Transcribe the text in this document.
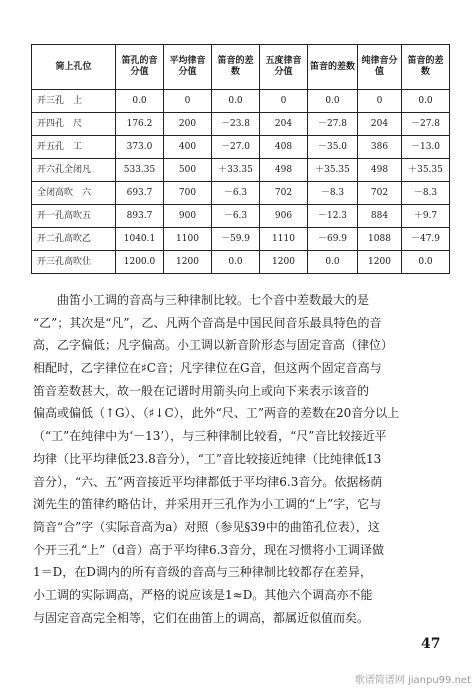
筒上孔位	笛孔的音分值	平均律音分值	笛音的差数	五度律音分值	笛音的差数	纯律音分值	笛音的差数
开三孔　上	0.0	0	0.0	0	0.0	0	0.0
开四孔　尺	176.2	200	－23.8	204	－27.8	204	－27.8
开五孔　工	373.0	400	－27.0	408	－35.0	386	－13.0
开六孔全闭凡	533.35	500	＋33.35	498	＋35.35	498	＋35.35
全闭高吹　六	693.7	700	－6.3	702	－8.3	702	－8.3
开一孔高吹五	893.7	900	－6.3	906	－12.3	884	＋9.7
开二孔高吹乙	1040.1	1100	－59.9	1110	－69.9	1088	－47.9
开三孔高吹仩	1200.0	1200	0.0	1200	0.0	1200	0.0
曲笛小工调的音高与三种律制比较。七个音中差数最大的是
“乙”；其次是“凡”，乙、凡两个音高是中国民间音乐最具特色的音
高，乙字偏低；凡字偏高。小工调以新音阶形态与固定音高（律位）
相配时，乙字律位在♯C音；凡字律位在G音，但这两个固定音高与
笛音差数甚大，故一般在记谱时用箭头向上或向下来表示该音的
偏高或偏低（↑G）、（♯↓C），此外“尺、工”两音的差数在20音分以上
（“工”在纯律中为‘－13’），与三种律制比较看，“尺”音比较接近平
均律（比平均律低23.8音分），“工”音比较接近纯律（比纯律低13
音分），“六、五”两音接近平均律都低于平均律6.3音分。依据杨荫
浏先生的笛律约略估计，并采用开三孔作为小工调的“上”字，它与
筒音“合”字（实际音高为a）对照（参见§39中的曲笛孔位表），这
个开三孔“上”（d音）高于平均律6.3音分，现在习惯将小工调译做
1＝D，在D调内的所有音级的音高与三种律制比较都存在差异，
小工调的实际调高，严格的说应该是1≈D。其他六个调高亦不能
与固定音高完全相等，它们在曲笛上的调高，都属近似值而矣。
47
歌谱简谱网 jianpu99.net
